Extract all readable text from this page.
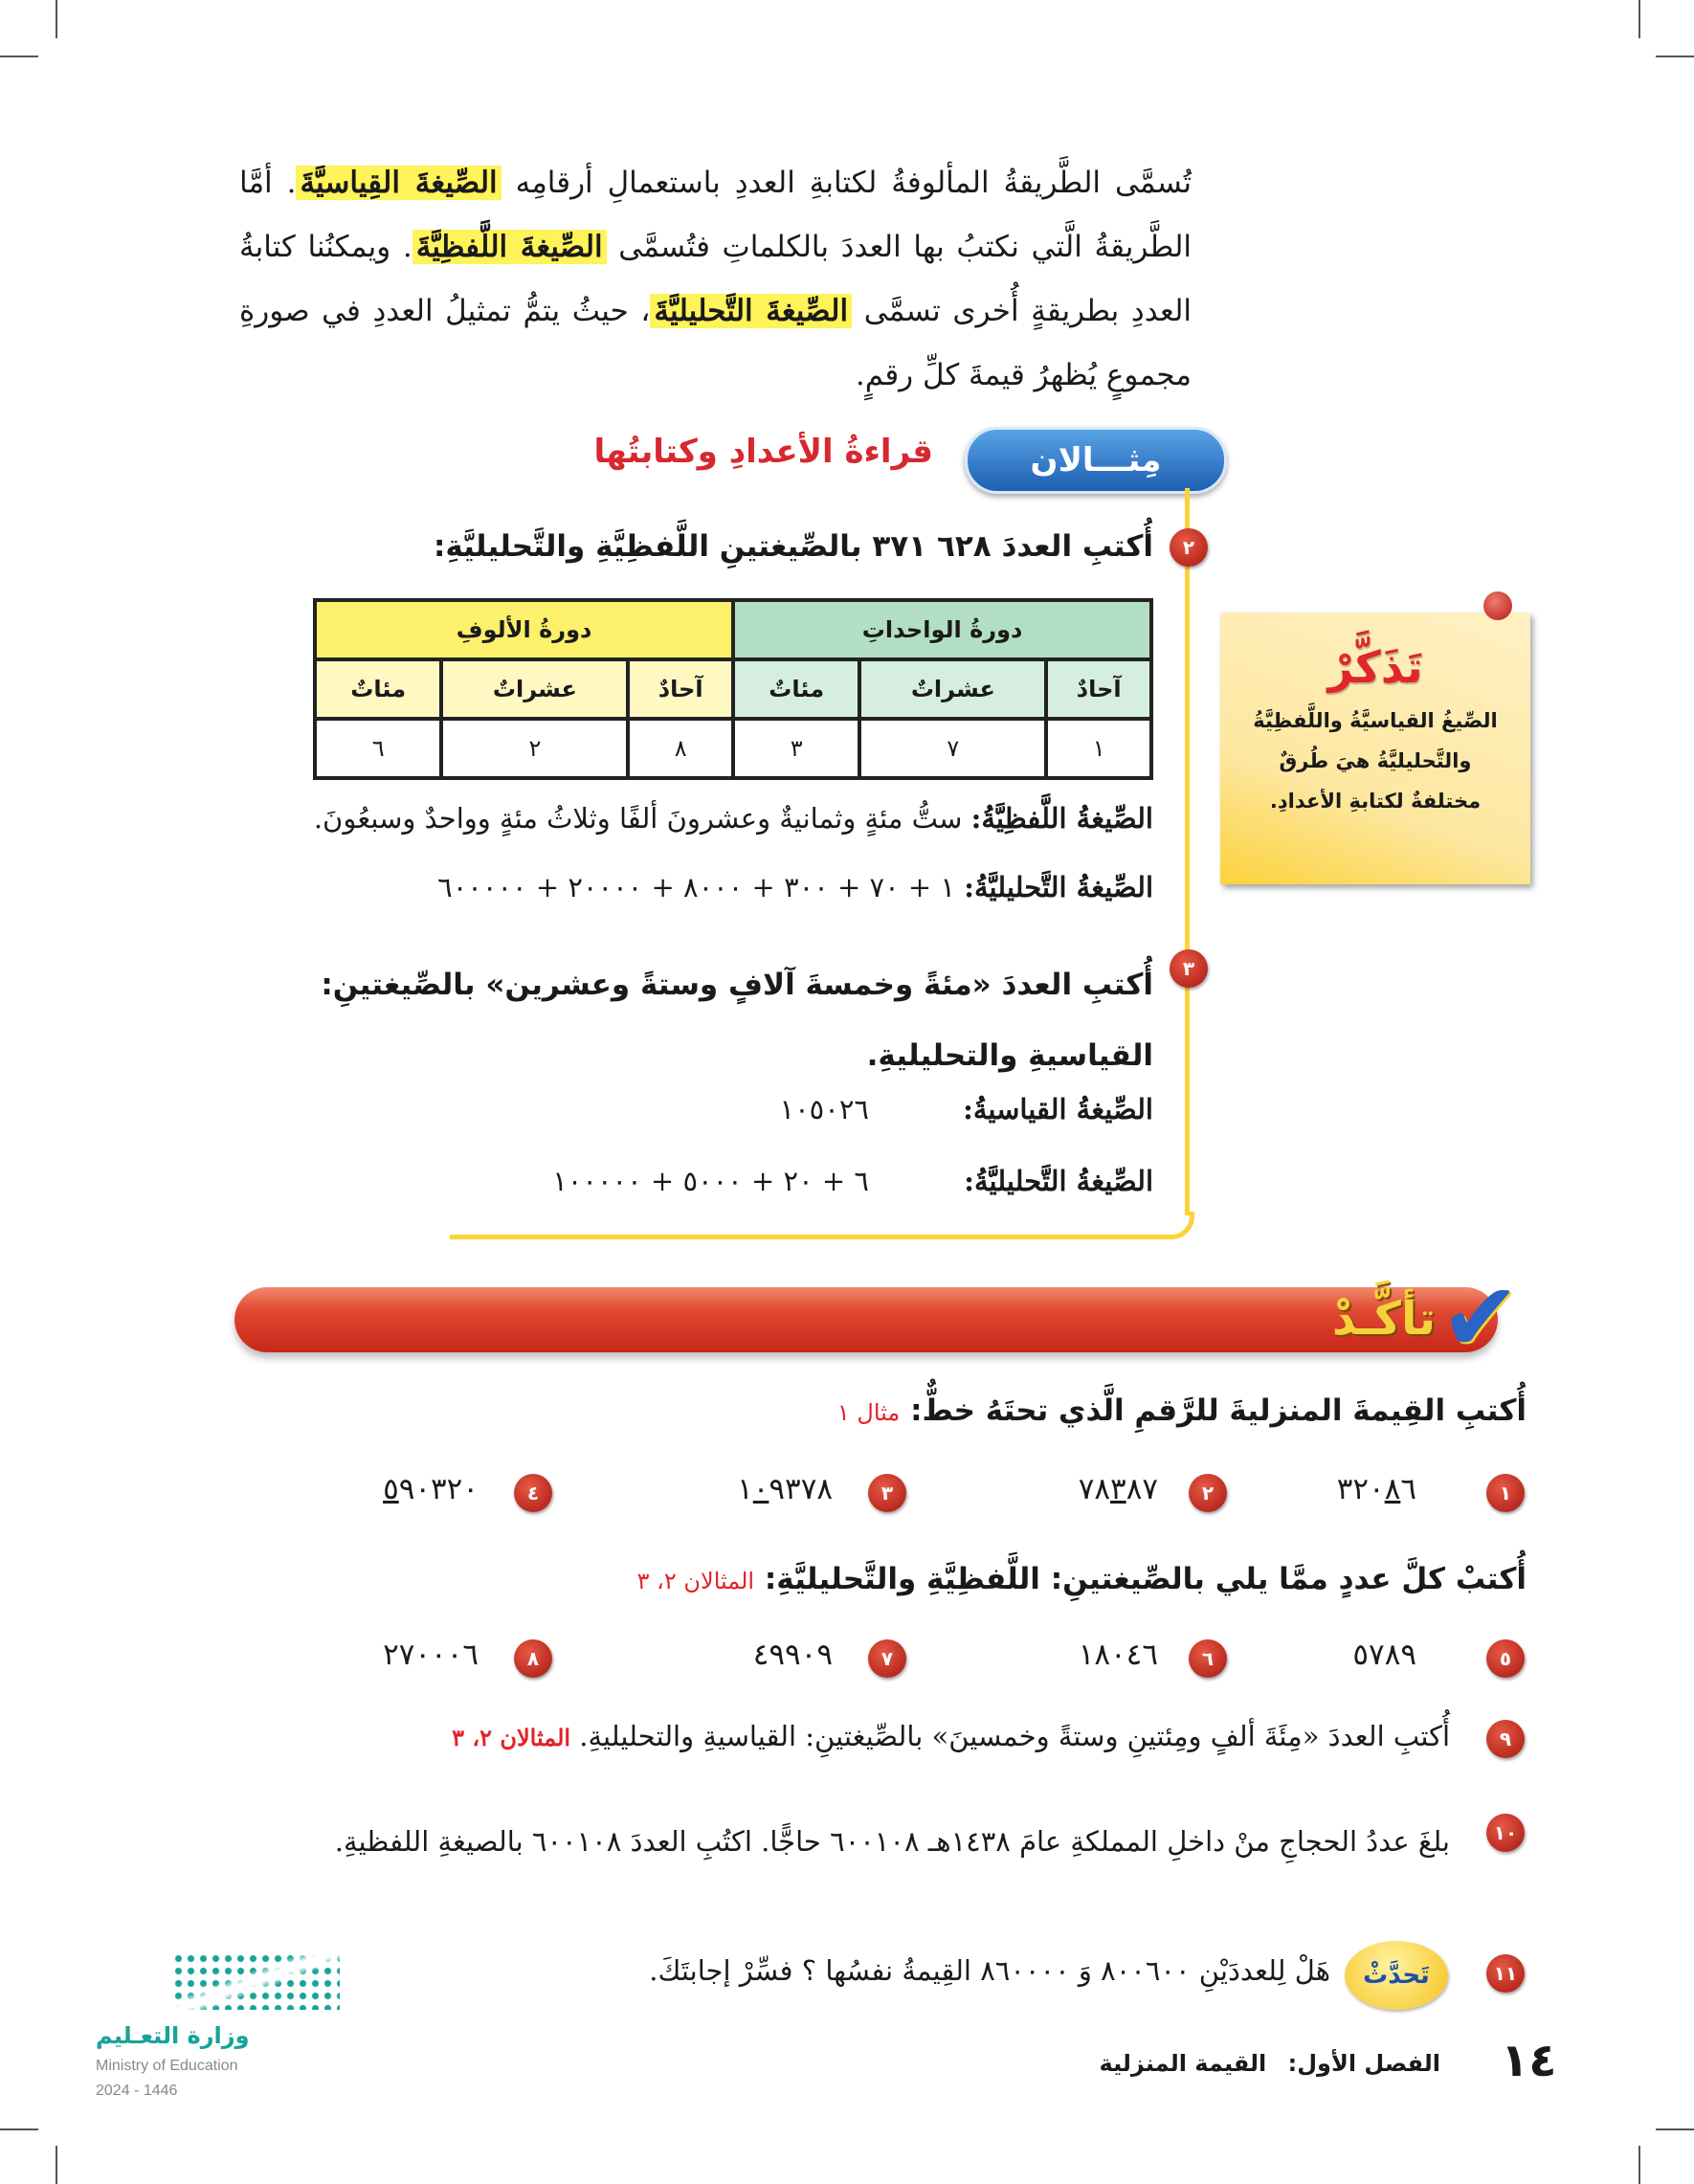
تُسمَّى الطَّريقةُ المألوفةُ لكتابةِ العددِ باستعمالِ أرقامِه الصِّيغةَ القِياسيَّةَ. أمَّا الطَّريقةُ الَّتي نكتبُ بها العددَ بالكلماتِ فتُسمَّى الصِّيغةَ اللَّفظِيَّةَ. ويمكنُنا كتابةُ العددِ بطريقةٍ أُخرى تسمَّى الصِّيغةَ التَّحليليَّةَ، حيثُ يتمُّ تمثيلُ العددِ في صورةِ مجموعٍ يُظهرُ قيمةَ كلِّ رقمٍ.
مِثـــالان
قراءةُ الأعدادِ وكتابتُها
٢
أُكتبِ العددَ ٦٢٨ ٣٧١ بالصِّيغتينِ اللَّفظِيَّةِ والتَّحليليَّةِ:
دورةُ الواحداتِ			دورةُ الألوفِ		
آحادٌ	عشراتٌ	مئاتٌ	آحادٌ	عشراتٌ	مئاتٌ
١	٧	٣	٨	٢	٦
الصِّيغةُ اللَّفظِيَّةُ: ستُّ مئةٍ وثمانيةٌ وعشرونَ ألفًا وثلاثُ مئةٍ وواحدٌ وسبعُونَ.
الصِّيغةُ التَّحليليَّةُ: ١ + ٧٠ + ٣٠٠ + ٨٠٠٠ + ٢٠٠٠٠ + ٦٠٠٠٠٠
٣
أُكتبِ العددَ «مئةً وخمسةَ آلافٍ وستةً وعشرين» بالصِّيغتينِ: القياسيةِ والتحليليةِ.
الصِّيغةُ القياسيةُ:
١٠٥٠٢٦
الصِّيغةُ التَّحليليَّةُ:
٦ + ٢٠ + ٥٠٠٠ + ١٠٠٠٠٠
تَذَكَّرْ
الصِّيغُ القياسيَّةُ واللَّفظِيَّةُ والتَّحليليَّةُ هيَ طُرقٌ مختلفةٌ لكتابةِ الأعدادِ.
تأكَّـدْ ✔
أُكتبِ القِيمةَ المنزليةَ للرَّقمِ الَّذي تحتَهُ خطٌّ: مثال ١
١
٣٢٠٨٦
٢
٧٨٣٨٧
٣
١٠٩٣٧٨
٤
٥٩٠٣٢٠
أُكتبْ كلَّ عددٍ ممَّا يلي بالصِّيغتينِ: اللَّفظِيَّةِ والتَّحليليَّةِ: المثالان ٢، ٣
٥
٥٧٨٩
٦
١٨٠٤٦
٧
٤٩٩٠٩
٨
٢٧٠٠٠٦
٩
أُكتبِ العددَ «مِئَةَ ألفٍ ومِئتينِ وستةً وخمسينَ» بالصِّيغتينِ: القياسيةِ والتحليليةِ. المثالان ٢، ٣
١٠
بلغَ عددُ الحجاجِ منْ داخلِ المملكةِ عامَ ١٤٣٨هـ ٦٠٠١٠٨ حاجًّا. اكتُبِ العددَ ٦٠٠١٠٨ بالصيغةِ اللفظيةِ.
١١
تَحدَّثْ
هَلْ لِلعددَيْنِ ٨٠٠٦٠٠ وَ ٨٦٠٠٠٠ القِيمةُ نفسُها ؟ فسِّرْ إجابتَكَ.
١٤
الفصل الأول: القيمة المنزلية
وزارة التعـليم
Ministry of Education
2024 - 1446
